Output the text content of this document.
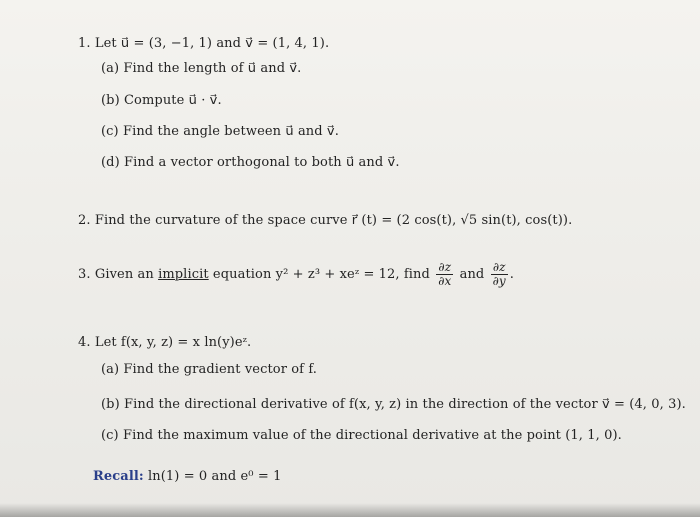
1. Let u⃗ = (3, −1, 1) and v⃗ = (1, 4, 1).
(a) Find the length of u⃗ and v⃗.
(b) Compute u⃗ · v⃗.
(c) Find the angle between u⃗ and v⃗.
(d) Find a vector orthogonal to both u⃗ and v⃗.
2. Find the curvature of the space curve r⃗ (t) = (2 cos(t), √5 sin(t), cos(t)).
3. Given an implicit equation y² + z³ + xeᶻ = 12, find $\frac{\partial z}{\partial x}$ and $\frac{\partial z}{\partial y}$ .
4. Let f(x, y, z) = x ln(y)eᶻ.
(a) Find the gradient vector of f.
(b) Find the directional derivative of f(x, y, z) in the direction of the vector v⃗ = (4, 0, 3).
(c) Find the maximum value of the directional derivative at the point (1, 1, 0).
Recall: ln(1) = 0 and e⁰ = 1
